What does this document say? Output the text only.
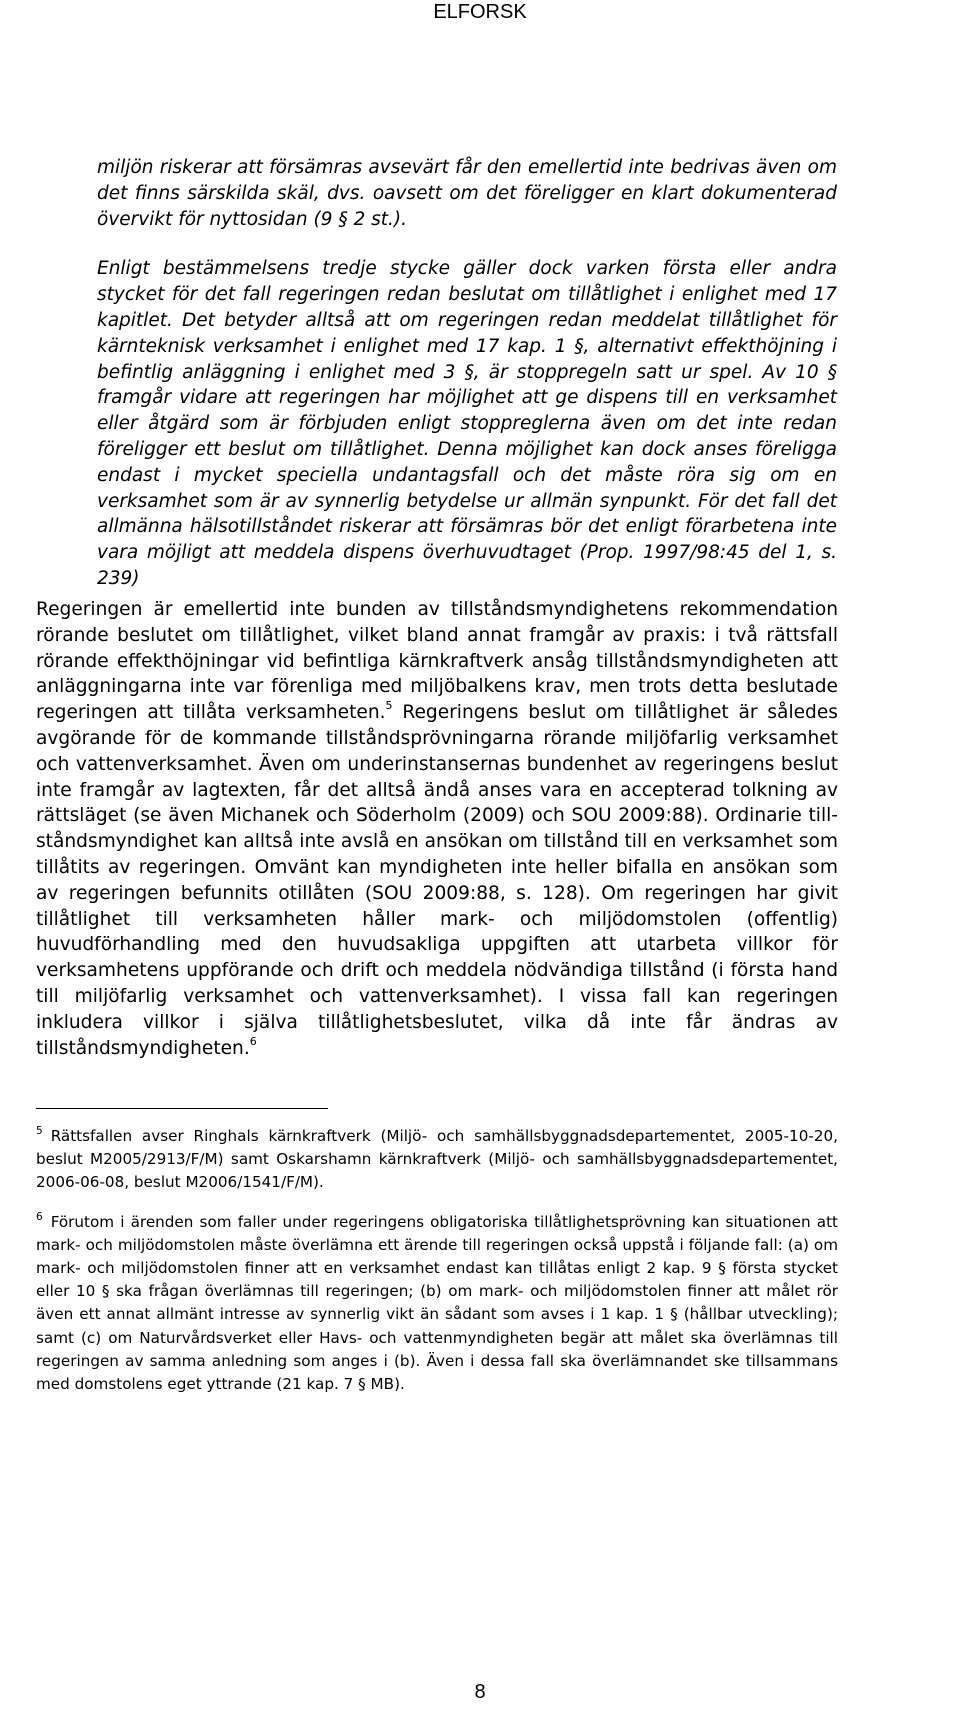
ELFORSK

miljön riskerar att försämras avsevärt får den emellertid inte bedrivas även om det finns särskilda skäl, dvs. oavsett om det föreligger en klart dokumenterad övervikt för nyttosidan (9 § 2 st.).

Enligt bestämmelsens tredje stycke gäller dock varken första eller andra stycket för det fall regeringen redan beslutat om tillåtlighet i enlighet med 17 kapitlet. Det betyder alltså att om regeringen redan meddelat tillåtlighet för kärnteknisk verksamhet i enlighet med 17 kap. 1 §, alternativt effekthöjning i befintlig anläggning i enlighet med 3 §, är stoppregeln satt ur spel. Av 10 § framgår vidare att regeringen har möjlighet att ge dispens till en verksamhet eller åtgärd som är förbjuden enligt stoppreglerna även om det inte redan föreligger ett beslut om tillåtlighet. Denna möjlighet kan dock anses föreligga endast i mycket speciella undantagsfall och det måste röra sig om en verksamhet som är av synnerlig betydelse ur allmän synpunkt. För det fall det allmänna hälsotillståndet riskerar att försämras bör det enligt förarbetena inte vara möjligt att meddela dispens överhuvudtaget (Prop. 1997/98:45 del 1, s. 239)

Regeringen är emellertid inte bunden av tillståndsmyndighetens rekommendation rörande beslutet om tillåtlighet, vilket bland annat framgår av praxis: i två rättsfall rörande effekthöjningar vid befintliga kärnkraftverk ansåg tillståndsmyndigheten att anläggningarna inte var förenliga med miljöbalkens krav, men trots detta beslutade regeringen att tillåta verksamheten.$^5$ Regeringens beslut om tillåtlighet är således avgörande för de kommande tillståndsprövningarna rörande miljöfarlig verksamhet och vattenverksamhet. Även om underinstansernas bundenhet av regeringens beslut inte framgår av lagtexten, får det alltså ändå anses vara en accepterad tolkning av rättsläget (se även Michanek och Söderholm (2009) och SOU 2009:88). Ordinarie tillståndsmyndighet kan alltså inte avslå en ansökan om tillstånd till en verksamhet som tillåtits av regeringen. Omvänt kan myndigheten inte heller bifalla en ansökan som av regeringen befunnits otillåten (SOU 2009:88, s. 128). Om regeringen har givit tillåtlighet till verksamheten håller mark- och miljödomstolen (offentlig) huvudförhandling med den huvudsakliga uppgiften att utarbeta villkor för verksamhetens uppförande och drift och meddela nödvändiga tillstånd (i första hand till miljöfarlig verksamhet och vattenverksamhet). I vissa fall kan regeringen inkludera villkor i själva tillåtlighetsbeslutet, vilka då inte får ändras av tillståndsmyndigheten.$^6$

$^5$ Rättsfallen avser Ringhals kärnkraftverk (Miljö- och samhällsbyggnadsdepartementet, 2005-10-20, beslut M2005/2913/F/M) samt Oskarshamn kärnkraftverk (Miljö- och samhällsbyggnadsdepartementet, 2006-06-08, beslut M2006/1541/F/M).

$^6$ Förutom i ärenden som faller under regeringens obligatoriska tillåtlighetsprövning kan situationen att mark- och miljödomstolen måste överlämna ett ärende till regeringen också uppstå i följande fall: (a) om mark- och miljödomstolen finner att en verksamhet endast kan tillåtas enligt 2 kap. 9 § första stycket eller 10 § ska frågan överlämnas till regeringen; (b) om mark- och miljödomstolen finner att målet rör även ett annat allmänt intresse av synnerlig vikt än sådant som avses i 1 kap. 1 § (hållbar utveckling); samt (c) om Naturvårdsverket eller Havs- och vattenmyndigheten begär att målet ska överlämnas till regeringen av samma anledning som anges i (b). Även i dessa fall ska överlämnandet ske tillsammans med domstolens eget yttrande (21 kap. 7 § MB).

8
